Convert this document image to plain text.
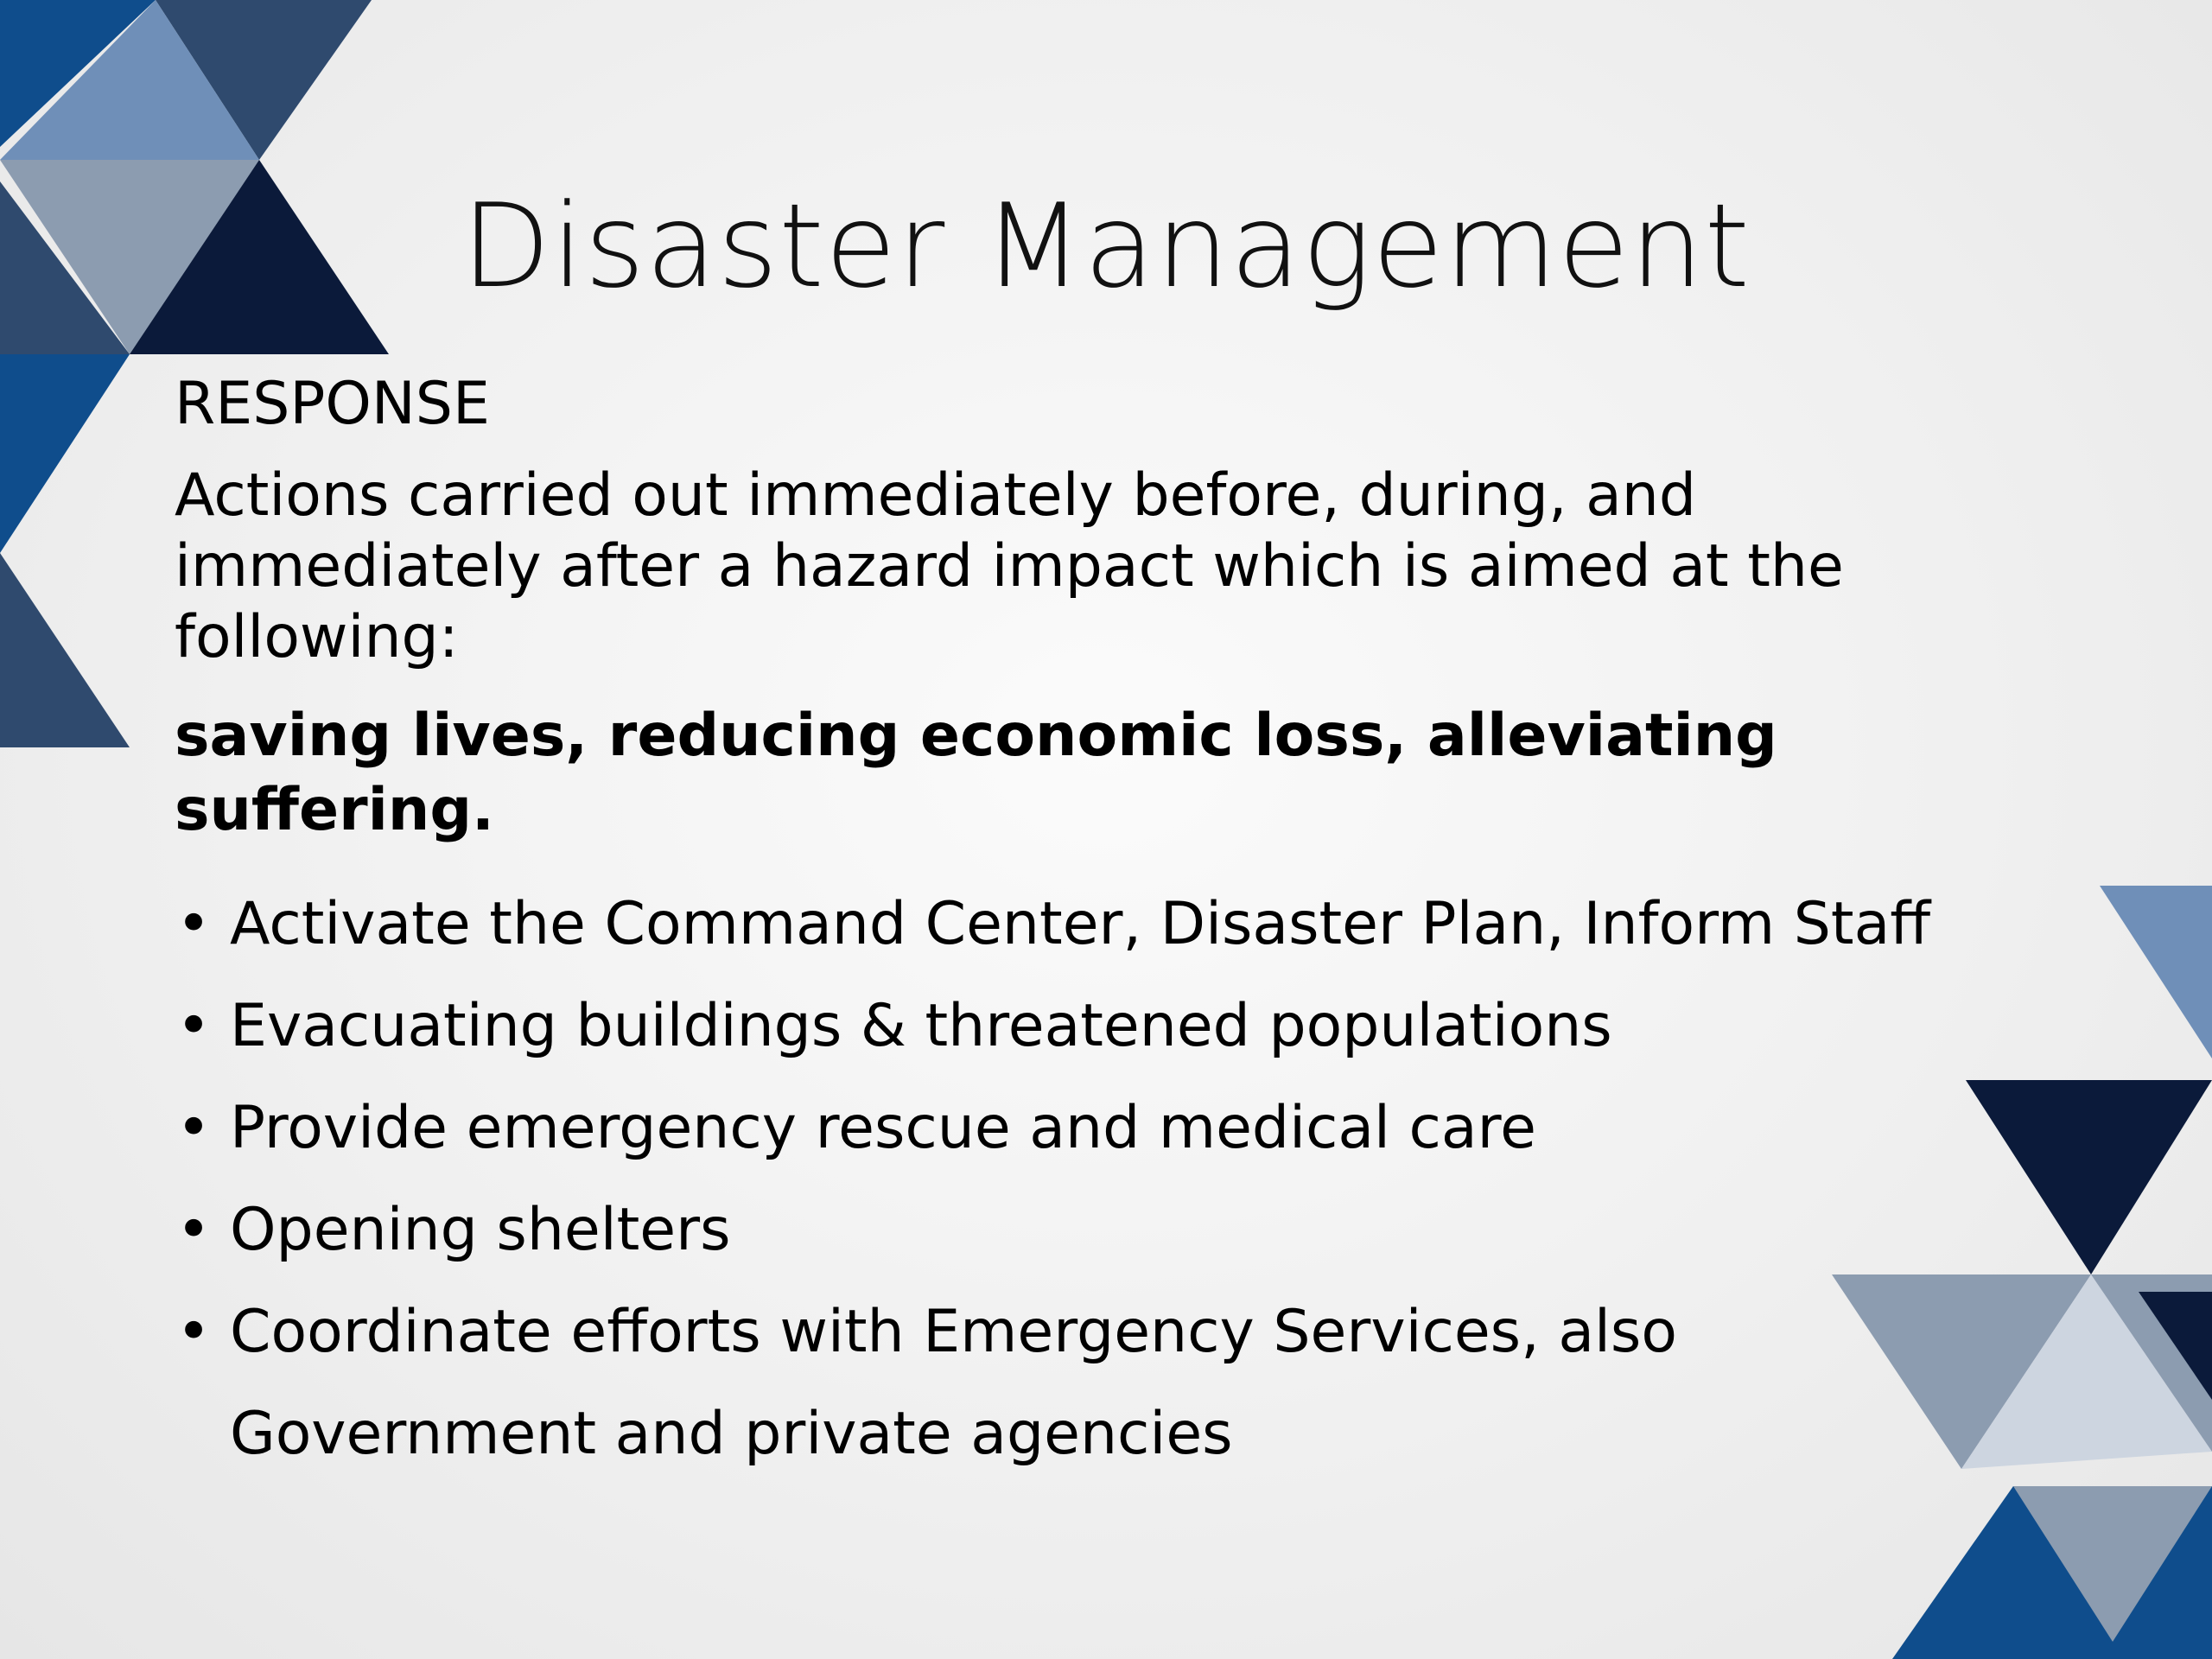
Disaster Management
RESPONSE
Actions carried out immediately before, during, and immediately after a hazard impact which is aimed at the following:
saving lives, reducing economic loss, alleviating suffering.
• Activate the Command Center, Disaster Plan, Inform Staff
• Evacuating buildings & threatened populations
• Provide emergency rescue and medical care
• Opening shelters
• Coordinate efforts with Emergency Services, also Government and private agencies
